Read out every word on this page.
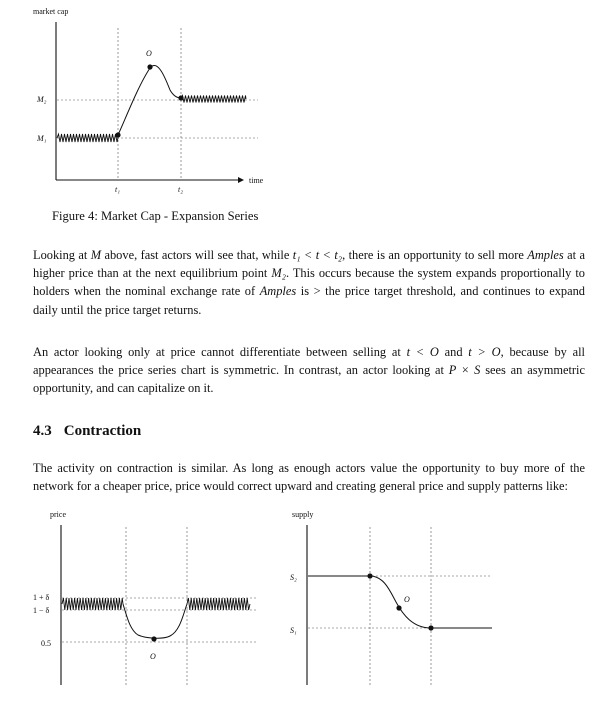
market cap
time
M₂
M₁
t₁	t₂
O
Figure 4: Market Cap - Expansion Series

Looking at M above, fast actors will see that, while t₁ < t < t₂, there is an opportunity to sell more Amples at a higher price than at the next equilibrium point M₂. This occurs because the system expands proportionally to holders when the nominal exchange rate of Amples is > the price target threshold, and continues to expand daily until the price target returns.

An actor looking only at price cannot differentiate between selling at t < O and t > O, because by all appearances the price series chart is symmetric. In contrast, an actor looking at P × S sees an asymmetric opportunity, and can capitalize on it.

4.3 Contraction

The activity on contraction is similar. As long as enough actors value the opportunity to buy more of the network for a cheaper price, price would correct upward and creating general price and supply patterns like:

price
1 + δ
1 − δ
0.5
O
supply
S₂
S₁
O
